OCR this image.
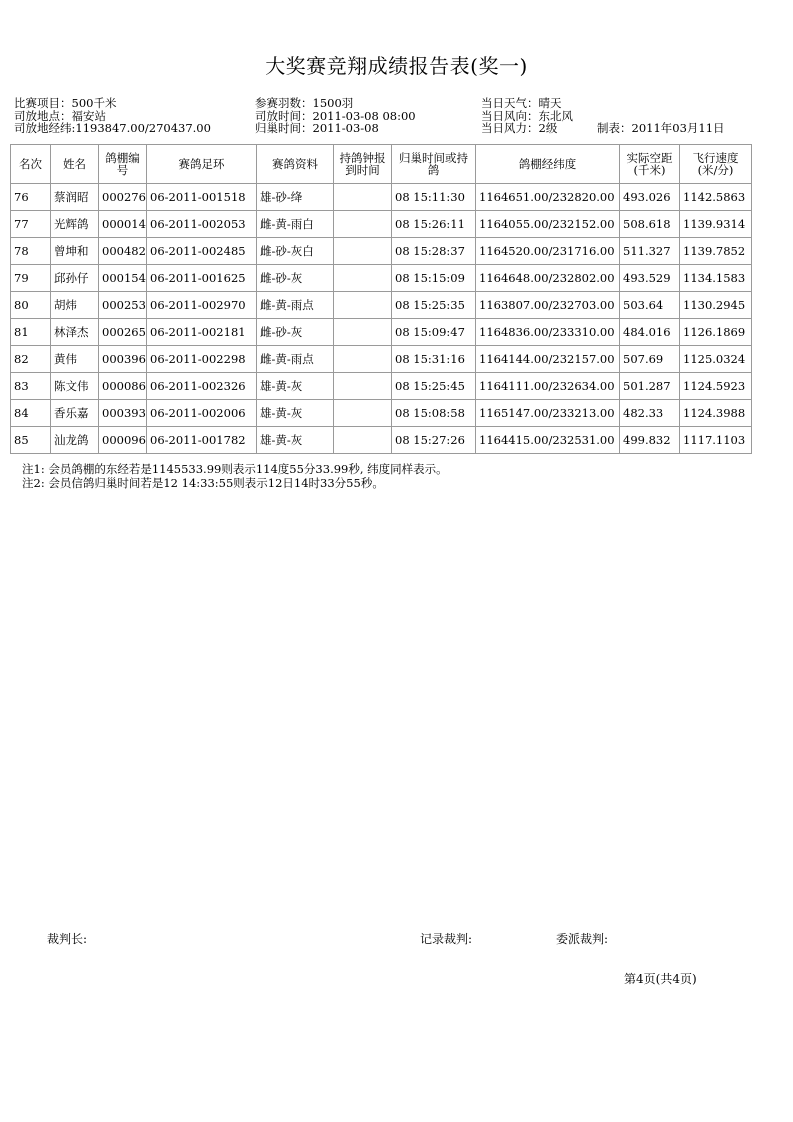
大奖赛竞翔成绩报告表(奖一)
比赛项目：500千米
司放地点：福安站
司放地经纬:1193847.00/270437.00
参赛羽数：1500羽
司放时间：2011-03-08 08:00
归巢时间：2011-03-08
当日天气：晴天
当日风向：东北风
当日风力：2级	制表：2011年03月11日
名次	姓名	鸽棚编号	赛鸽足环	赛鸽资料	持鸽钟报到时间	归巢时间或持鸽	鸽棚经纬度	实际空距(千米)	飞行速度(米/分)
76	蔡润昭	000276	06-2011-001518	雄-砂-绛		08 15:11:30	1164651.00/232820.00	493.026	1142.5863
77	光辉鸽	000014	06-2011-002053	雌-黄-雨白		08 15:26:11	1164055.00/232152.00	508.618	1139.9314
78	曾坤和	000482	06-2011-002485	雌-砂-灰白		08 15:28:37	1164520.00/231716.00	511.327	1139.7852
79	邱孙仔	000154	06-2011-001625	雌-砂-灰		08 15:15:09	1164648.00/232802.00	493.529	1134.1583
80	胡炜	000253	06-2011-002970	雌-黄-雨点		08 15:25:35	1163807.00/232703.00	503.64	1130.2945
81	林泽杰	000265	06-2011-002181	雌-砂-灰		08 15:09:47	1164836.00/233310.00	484.016	1126.1869
82	黄伟	000396	06-2011-002298	雌-黄-雨点		08 15:31:16	1164144.00/232157.00	507.69	1125.0324
83	陈文伟	000086	06-2011-002326	雄-黄-灰		08 15:25:45	1164111.00/232634.00	501.287	1124.5923
84	香乐嘉	000393	06-2011-002006	雄-黄-灰		08 15:08:58	1165147.00/233213.00	482.33	1124.3988
85	汕龙鸽	000096	06-2011-001782	雄-黄-灰		08 15:27:26	1164415.00/232531.00	499.832	1117.1103
注1: 会员鸽棚的东经若是1145533.99则表示114度55分33.99秒, 纬度同样表示。
注2: 会员信鸽归巢时间若是12 14:33:55则表示12日14时33分55秒。
裁判长:	记录裁判:	委派裁判:
第4页(共4页)
